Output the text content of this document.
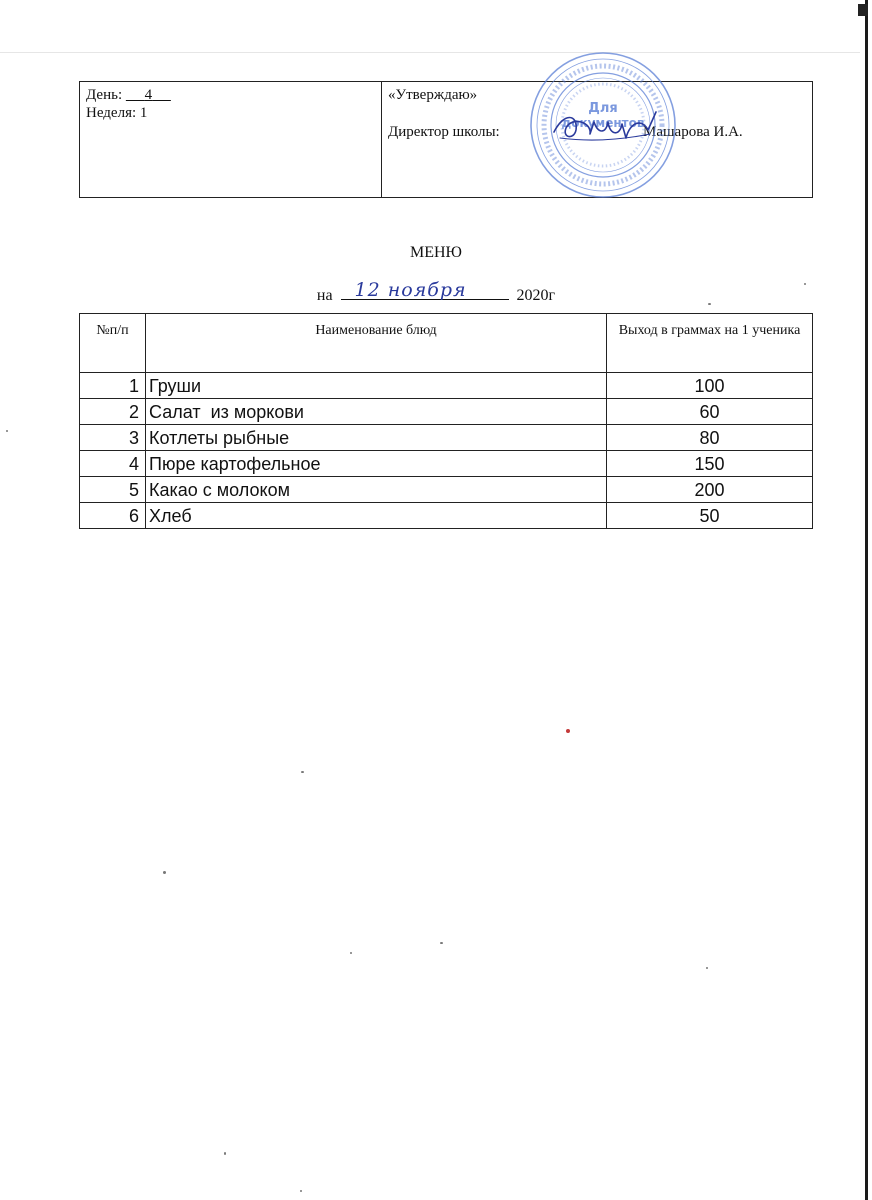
День: 4
Неделя: 1

«Утверждаю»
Директор школы:	Машарова И.А.
Для
документов
МЕНЮ
на 12 ноября	2020г
№п/п	Наименование блюд	Выход в граммах на 1 ученика
1	Груши	100
2	Салат  из моркови	60
3	Котлеты рыбные	80
4	Пюре картофельное	150
5	Какао с молоком	200
6	Хлеб	50
